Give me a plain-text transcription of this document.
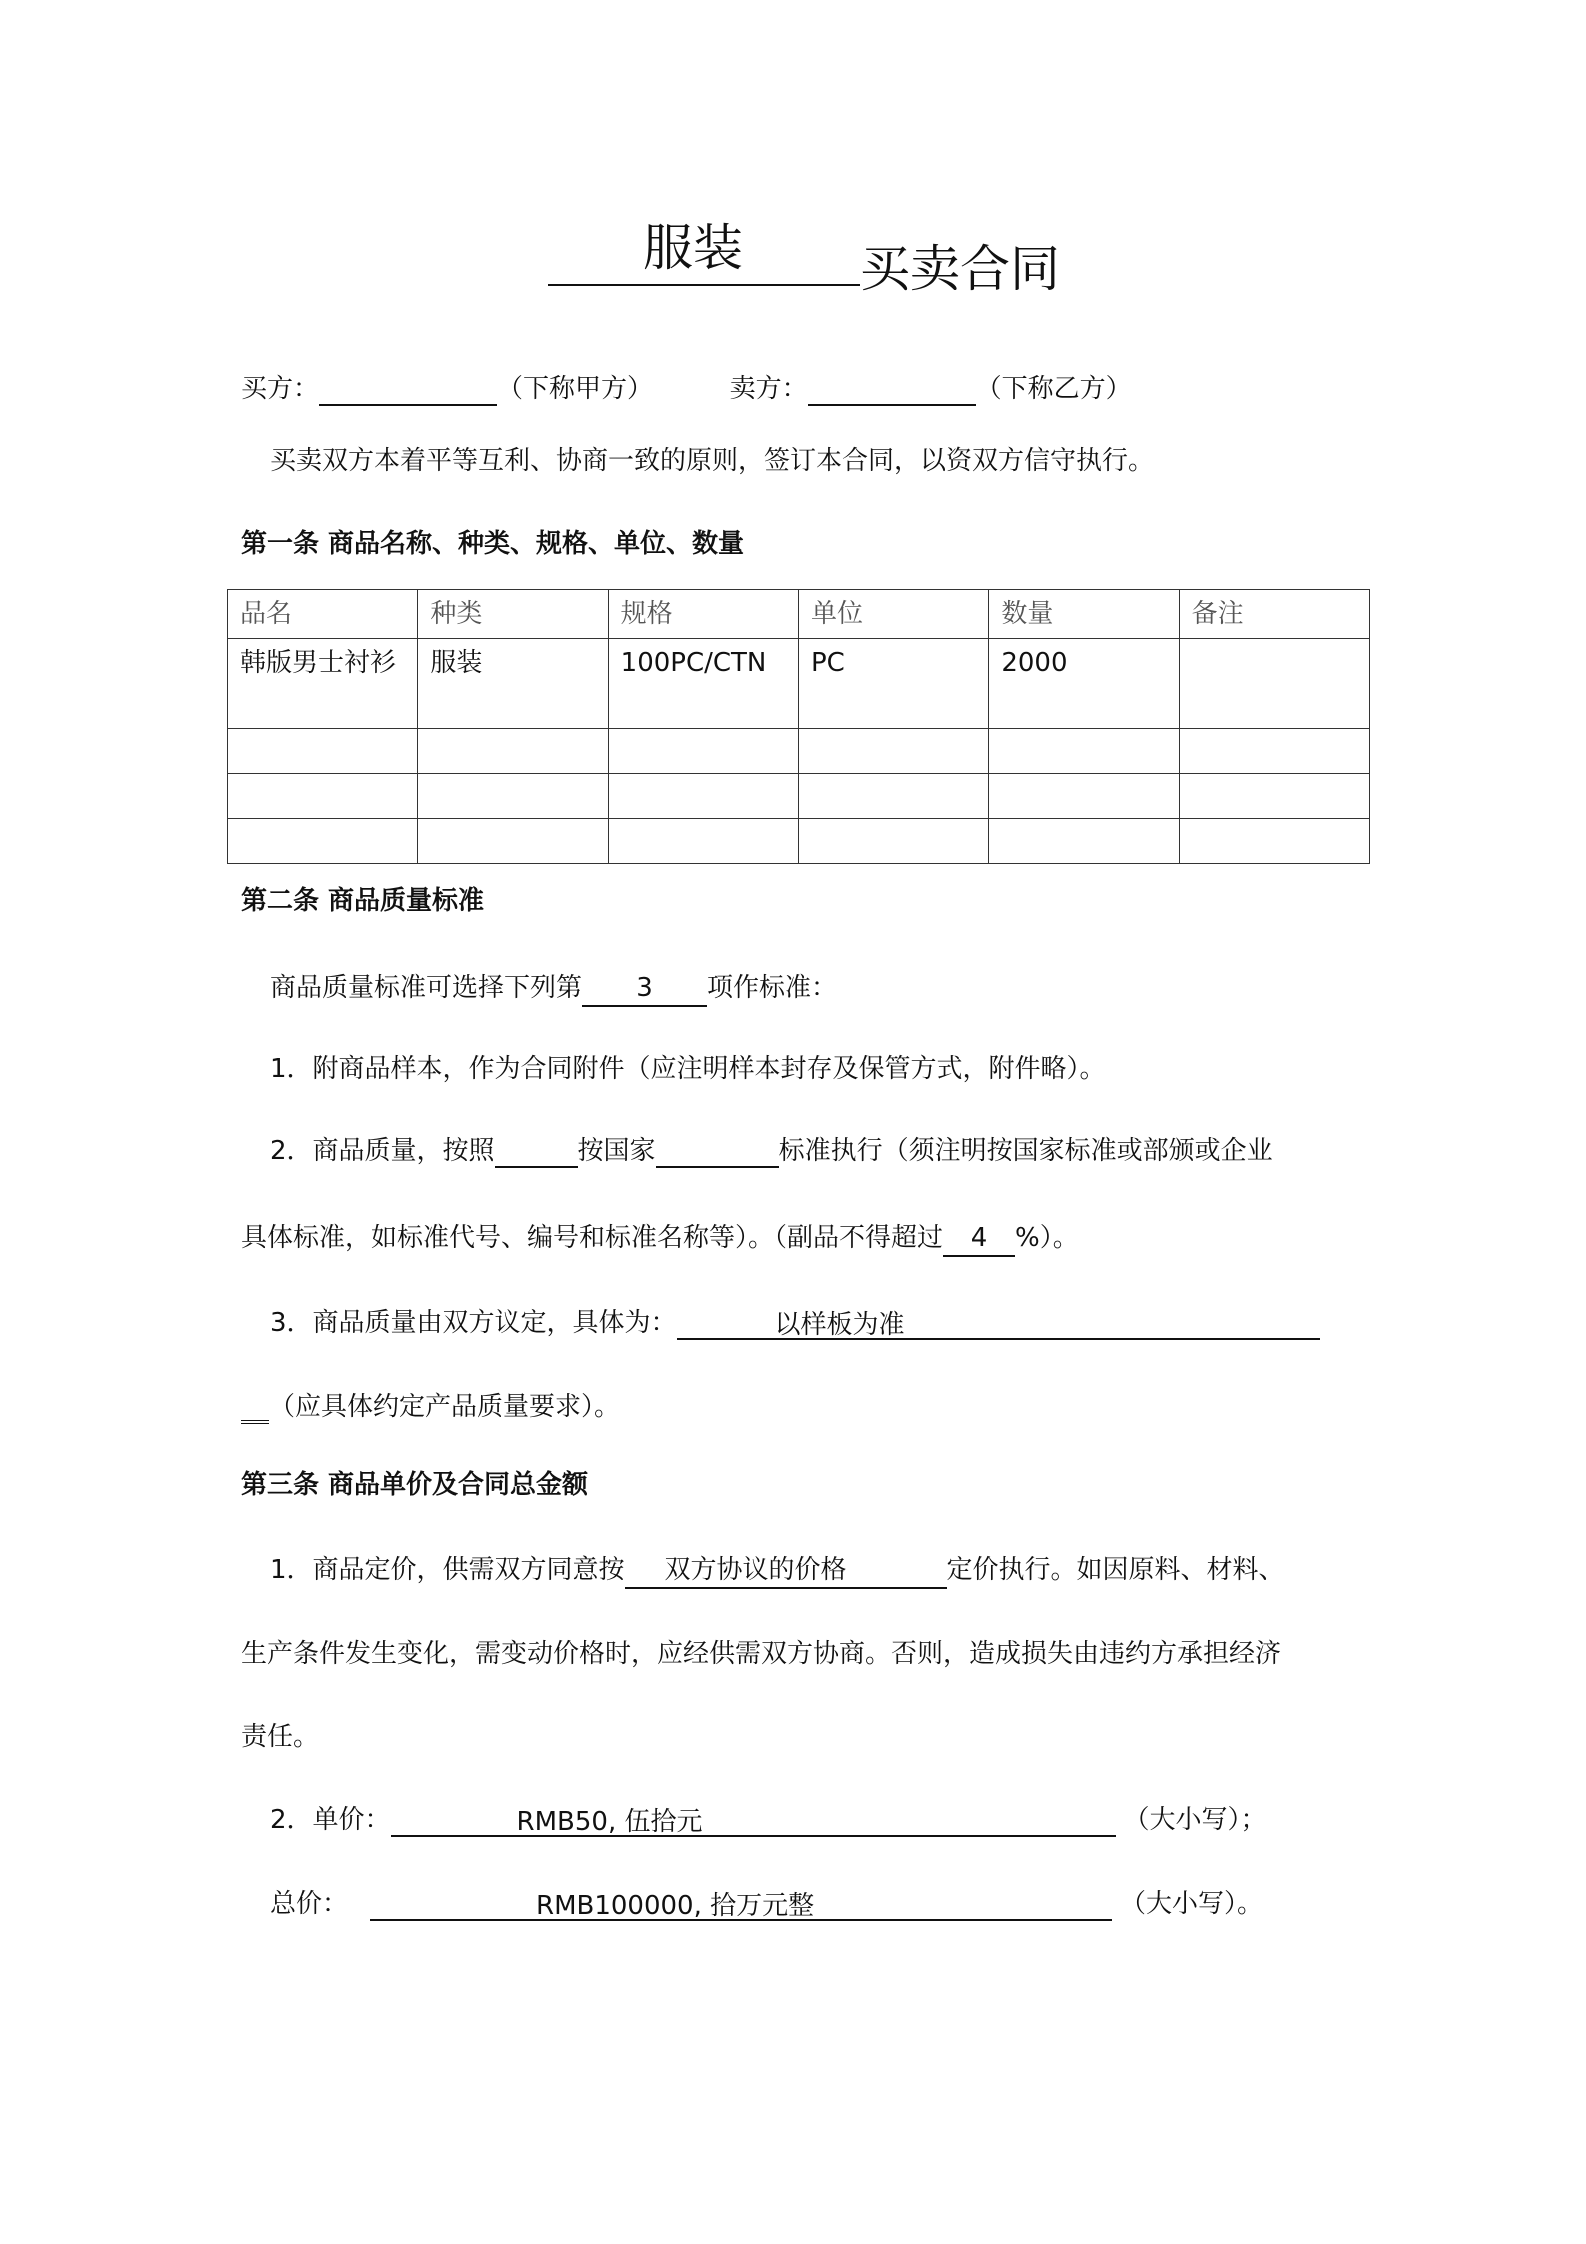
服装 买卖合同
买方：	（下称甲方）	卖方：	（下称乙方）
买卖双方本着平等互利、协商一致的原则，签订本合同，以资双方信守执行。
第一条 商品名称、种类、规格、单位、数量
品名	种类	规格	单位	数量	备注
韩版男士衬衫	服装	100PC/CTN	PC	2000	

第二条 商品质量标准
商品质量标准可选择下列第 3 项作标准：
1．附商品样本，作为合同附件（应注明样本封存及保管方式，附件略）。
2．商品质量，按照	按国家	标准执行（须注明按国家标准或部颁或企业
具体标准，如标准代号、编号和标准名称等）。（副品不得超过 4 %）。
3．商品质量由双方议定，具体为：	以样板为准
（应具体约定产品质量要求）。
第三条 商品单价及合同总金额
1．商品定价，供需双方同意按 双方协议的价格	定价执行。如因原料、材料、
生产条件发生变化，需变动价格时，应经供需双方协商。否则，造成损失由违约方承担经济
责任。
2．单价：	RMB50, 伍拾元	（大小写）；
总价：	RMB100000, 拾万元整	（大小写）。
